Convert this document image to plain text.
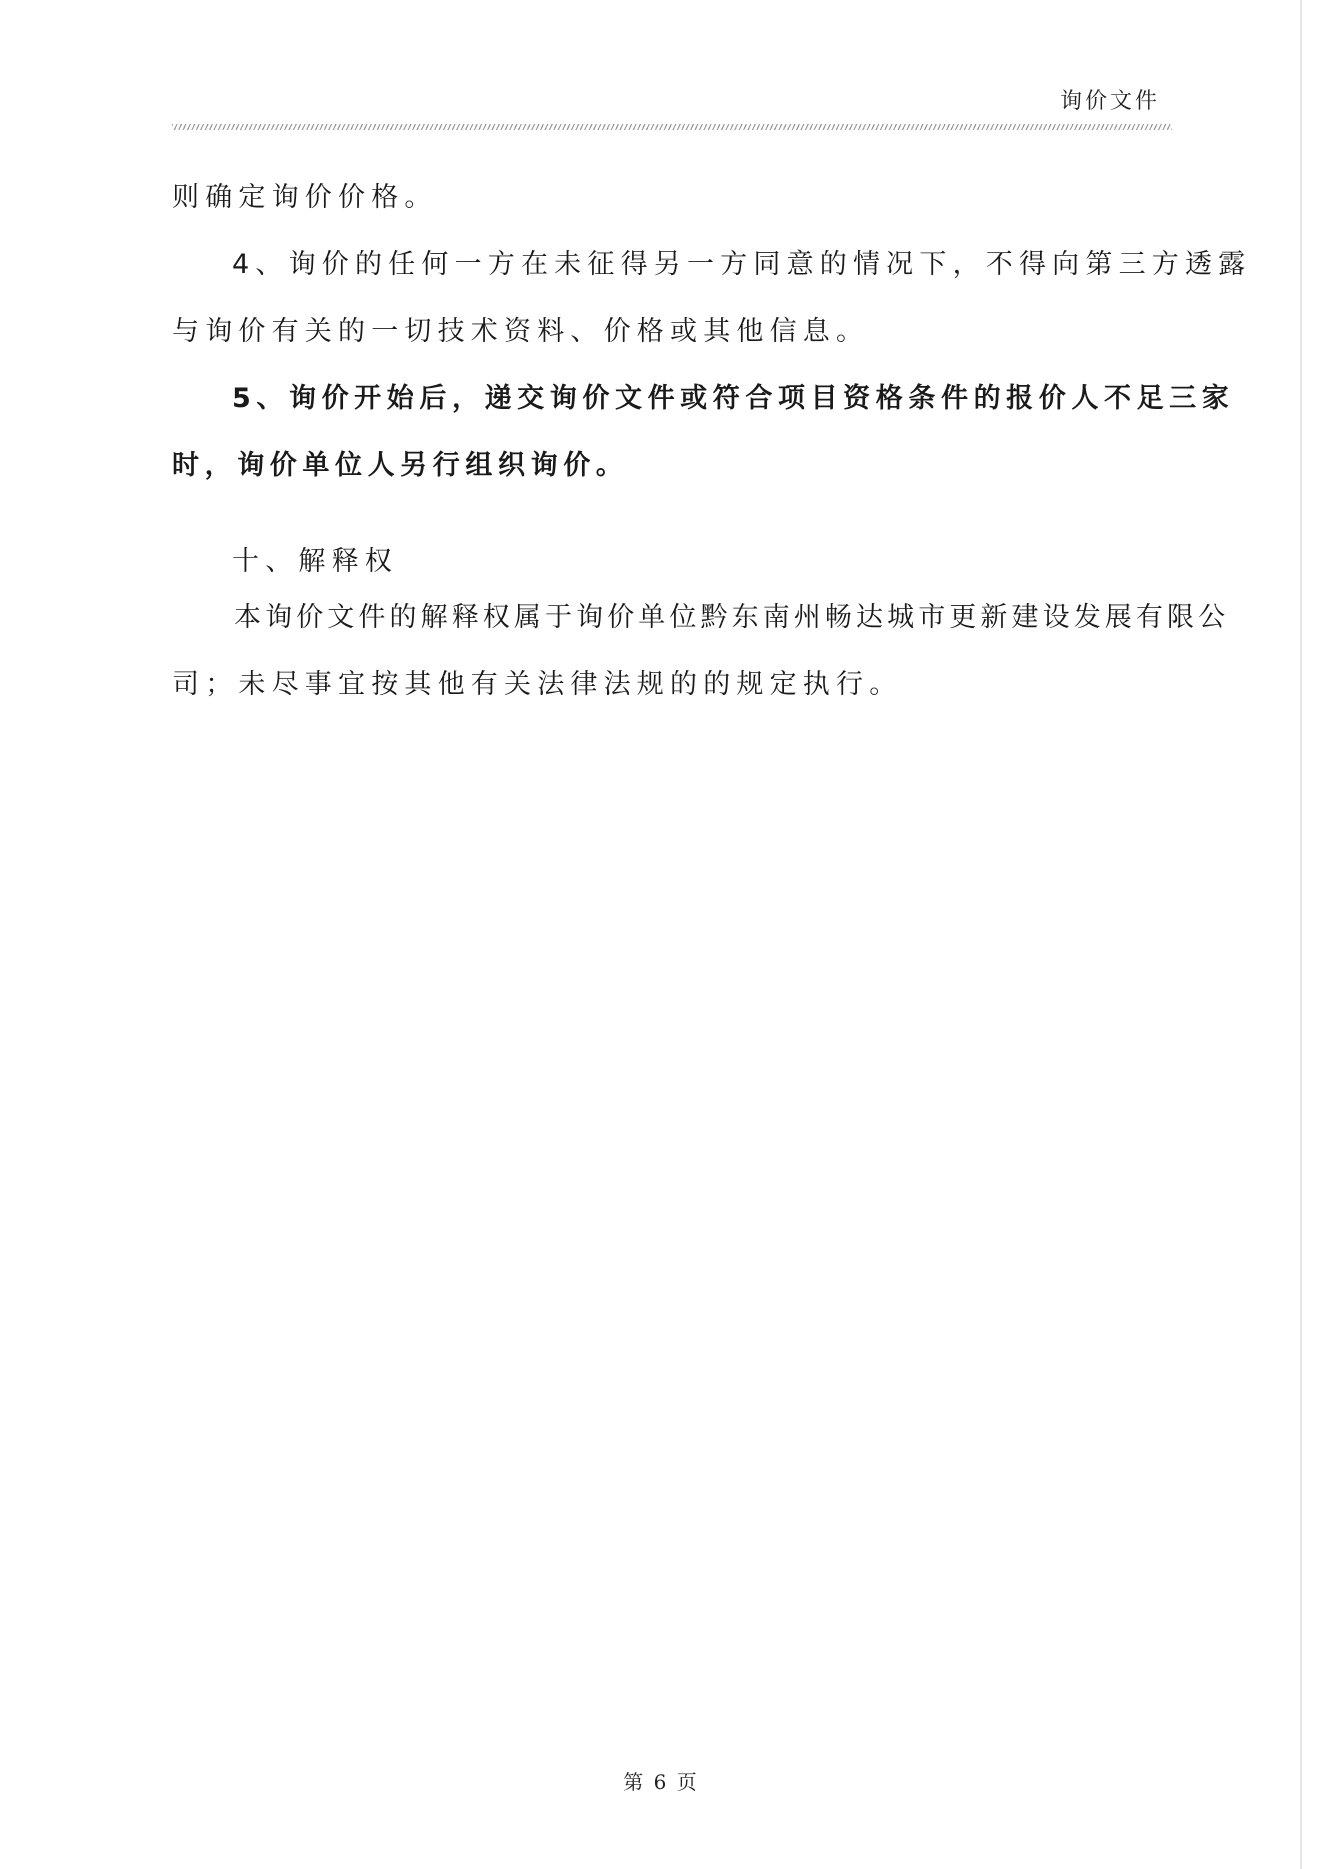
询价文件
则确定询价价格。
4、询价的任何一方在未征得另一方同意的情况下，不得向第三方透露
与询价有关的一切技术资料、价格或其他信息。
5、询价开始后，递交询价文件或符合项目资格条件的报价人不足三家
时，询价单位人另行组织询价。
十、解释权
本询价文件的解释权属于询价单位黔东南州畅达城市更新建设发展有限公
司；未尽事宜按其他有关法律法规的的规定执行。
第 6 页
